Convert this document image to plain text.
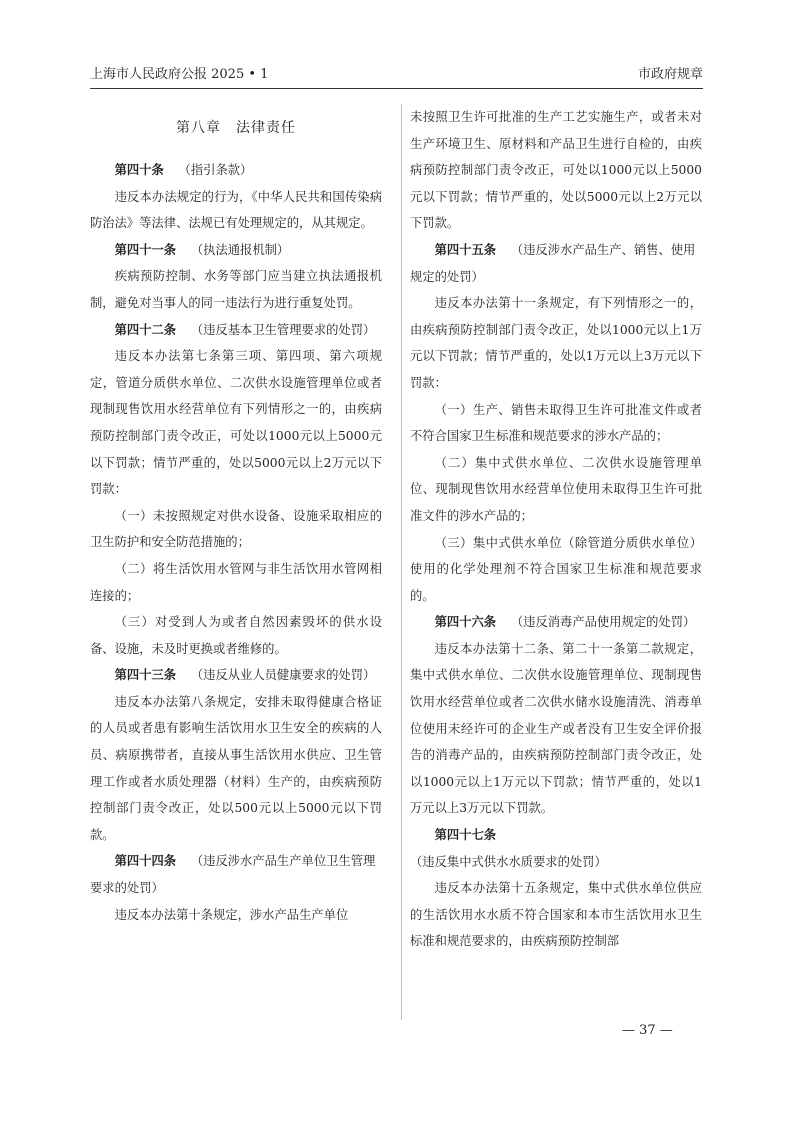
上海市人民政府公报 2025 • 1	市政府规章
第八章　法律责任

第四十条 （指引条款）

违反本办法规定的行为，《中华人民共和国传染病防治法》等法律、法规已有处理规定的，从其规定。

第四十一条 （执法通报机制）

疾病预防控制、水务等部门应当建立执法通报机制，避免对当事人的同一违法行为进行重复处罚。

第四十二条 （违反基本卫生管理要求的处罚）

违反本办法第七条第三项、第四项、第六项规定，管道分质供水单位、二次供水设施管理单位或者现制现售饮用水经营单位有下列情形之一的，由疾病预防控制部门责令改正，可处以1000元以上5000元以下罚款；情节严重的，处以5000元以上2万元以下罚款：

（一）未按照规定对供水设备、设施采取相应的卫生防护和安全防范措施的；

（二）将生活饮用水管网与非生活饮用水管网相连接的；

（三）对受到人为或者自然因素毁坏的供水设备、设施，未及时更换或者维修的。

第四十三条 （违反从业人员健康要求的处罚）

违反本办法第八条规定，安排未取得健康合格证的人员或者患有影响生活饮用水卫生安全的疾病的人员、病原携带者，直接从事生活饮用水供应、卫生管理工作或者水质处理器（材料）生产的，由疾病预防控制部门责令改正，处以500元以上5000元以下罚款。

第四十四条 （违反涉水产品生产单位卫生管理要求的处罚）

违反本办法第十条规定，涉水产品生产单位

未按照卫生许可批准的生产工艺实施生产，或者未对生产环境卫生、原材料和产品卫生进行自检的，由疾病预防控制部门责令改正，可处以1000元以上5000元以下罚款；情节严重的，处以5000元以上2万元以下罚款。

第四十五条 （违反涉水产品生产、销售、使用规定的处罚）

违反本办法第十一条规定，有下列情形之一的，由疾病预防控制部门责令改正，处以1000元以上1万元以下罚款；情节严重的，处以1万元以上3万元以下罚款：

（一）生产、销售未取得卫生许可批准文件或者不符合国家卫生标准和规范要求的涉水产品的；

（二）集中式供水单位、二次供水设施管理单位、现制现售饮用水经营单位使用未取得卫生许可批准文件的涉水产品的；

（三）集中式供水单位（除管道分质供水单位）使用的化学处理剂不符合国家卫生标准和规范要求的。

第四十六条 （违反消毒产品使用规定的处罚）

违反本办法第十二条、第二十一条第二款规定，集中式供水单位、二次供水设施管理单位、现制现售饮用水经营单位或者二次供水储水设施清洗、消毒单位使用未经许可的企业生产或者没有卫生安全评价报告的消毒产品的，由疾病预防控制部门责令改正，处以1000元以上1万元以下罚款；情节严重的，处以1万元以上3万元以下罚款。

第四十七条（违反集中式供水水质要求的处罚）

违反本办法第十五条规定，集中式供水单位供应的生活饮用水水质不符合国家和本市生活饮用水卫生标准和规范要求的，由疾病预防控制部

— 37 —
